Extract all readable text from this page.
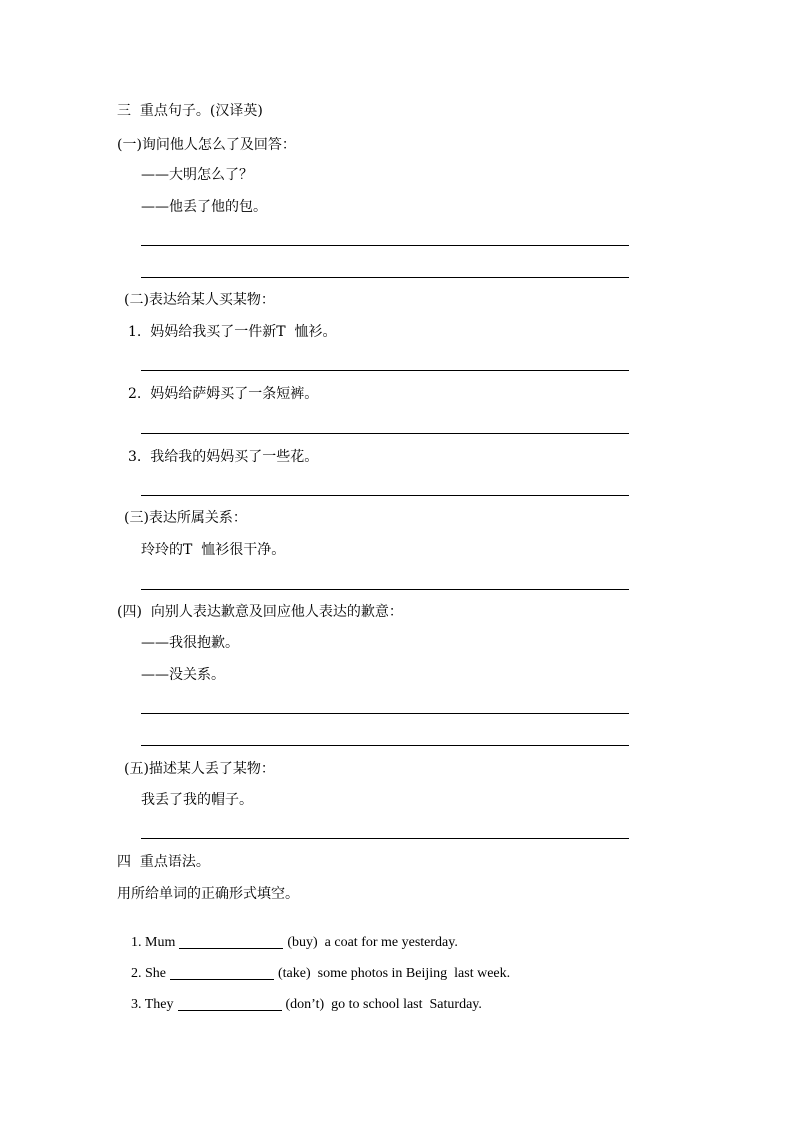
三  重点句子。(汉译英)
(一)询问他人怎么了及回答：
——大明怎么了？
——他丢了他的包。
(二)表达给某人买某物：
1.  妈妈给我买了一件新T  恤衫。
2.  妈妈给萨姆买了一条短裤。
3.  我给我的妈妈买了一些花。
(三)表达所属关系：
玲玲的T  恤衫很干净。
(四)  向别人表达歉意及回应他人表达的歉意：
——我很抱歉。
——没关系。
(五)描述某人丢了某物：
我丢了我的帽子。
四  重点语法。
用所给单词的正确形式填空。

1. Mum	(buy)  a coat for me yesterday.

2. She	(take)  some photos in Beijing  last week.

3. They	(don’t)  go to school last  Saturday.
